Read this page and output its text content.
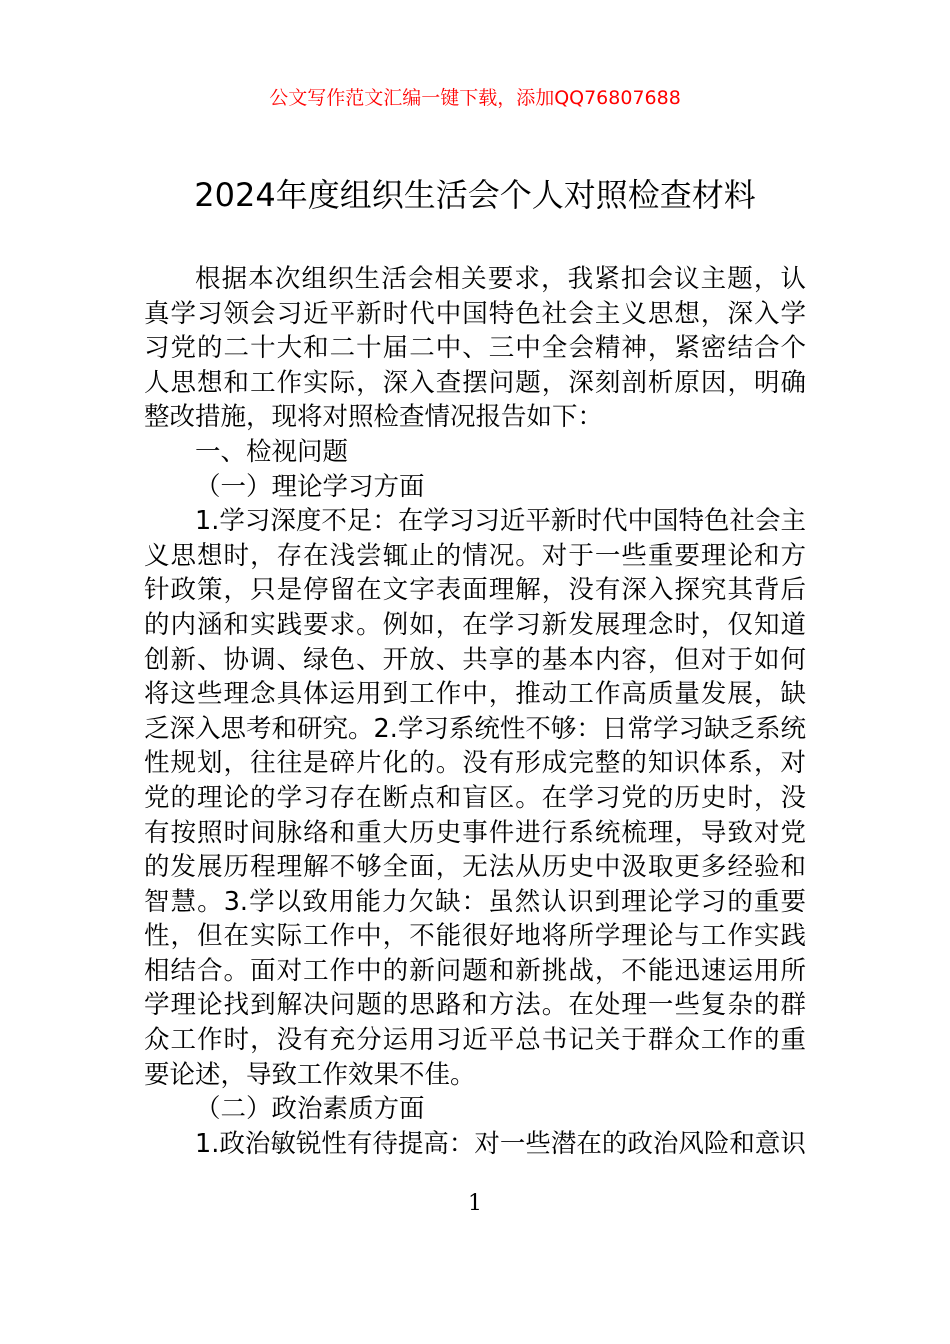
公文写作范文汇编一键下载，添加QQ76807688
2024年度组织生活会个人对照检查材料

根据本次组织生活会相关要求，我紧扣会议主题，认真学习领会习近平新时代中国特色社会主义思想，深入学习党的二十大和二十届二中、三中全会精神，紧密结合个人思想和工作实际，深入查摆问题，深刻剖析原因，明确整改措施，现将对照检查情况报告如下：

一、检视问题

（一）理论学习方面

1.学习深度不足：在学习习近平新时代中国特色社会主义思想时，存在浅尝辄止的情况。对于一些重要理论和方针政策，只是停留在文字表面理解，没有深入探究其背后的内涵和实践要求。例如，在学习新发展理念时，仅知道创新、协调、绿色、开放、共享的基本内容，但对于如何将这些理念具体运用到工作中，推动工作高质量发展，缺乏深入思考和研究。2.学习系统性不够：日常学习缺乏系统性规划，往往是碎片化的。没有形成完整的知识体系，对党的理论的学习存在断点和盲区。在学习党的历史时，没有按照时间脉络和重大历史事件进行系统梳理，导致对党的发展历程理解不够全面，无法从历史中汲取更多经验和智慧。3.学以致用能力欠缺：虽然认识到理论学习的重要性，但在实际工作中，不能很好地将所学理论与工作实践相结合。面对工作中的新问题和新挑战，不能迅速运用所学理论找到解决问题的思路和方法。在处理一些复杂的群众工作时，没有充分运用习近平总书记关于群众工作的重要论述，导致工作效果不佳。

（二）政治素质方面

1.政治敏锐性有待提高：对一些潜在的政治风险和意识

1
